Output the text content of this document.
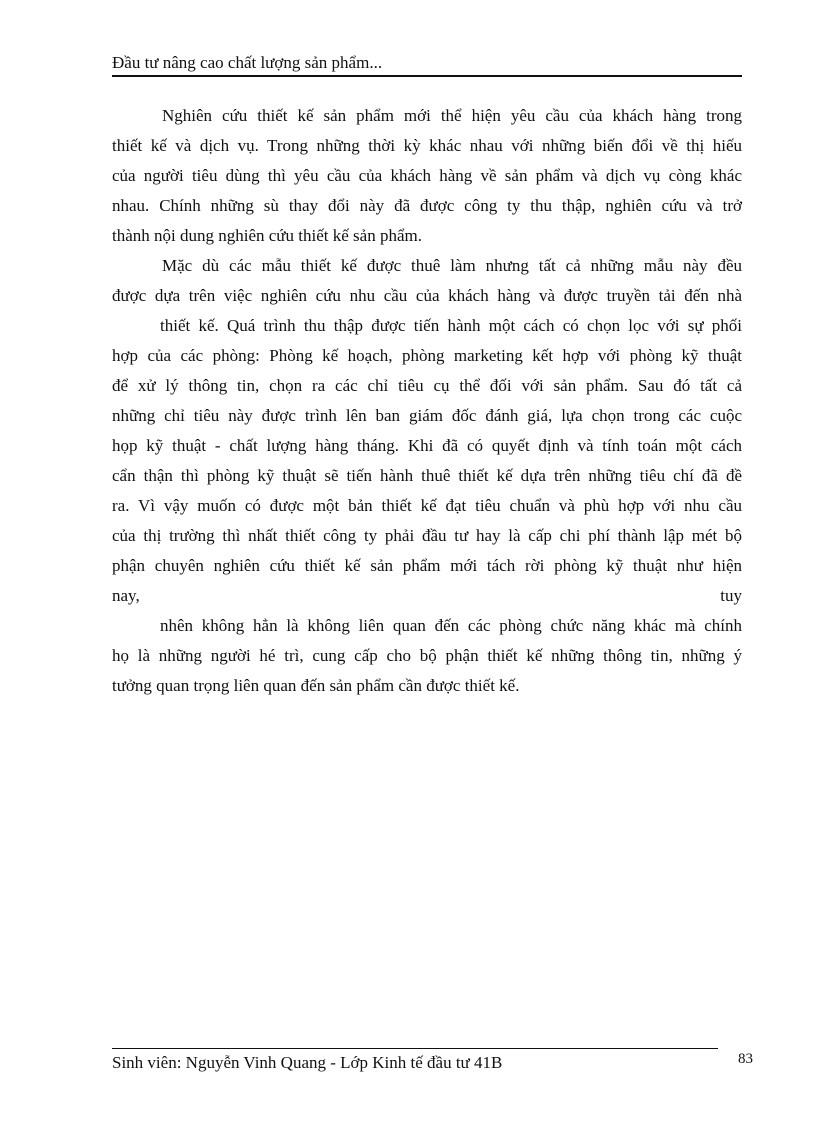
Đầu tư nâng cao chất lượng sản phẩm...
Nghiên cứu thiết kế sản phẩm mới thể hiện yêu cầu của khách hàng trong
thiết kế và dịch vụ. Trong những thời kỳ khác nhau với những biến đổi về thị hiếu
của người tiêu dùng thì yêu cầu của khách hàng về sản phẩm và dịch vụ còng khác
nhau. Chính những sù thay đổi này đã được công ty thu thập, nghiên cứu và trở
thành nội dung nghiên cứu thiết kế sản phẩm.
Mặc dù các mẫu thiết kế được thuê làm nhưng tất cả những mẫu này đều
được dựa trên việc nghiên cứu nhu cầu của khách hàng và được truyền tải đến nhà
thiết kế. Quá trình thu thập được tiến hành một cách có chọn lọc với sự phối
hợp của các phòng: Phòng kế hoạch, phòng marketing kết hợp với phòng kỹ thuật
để xử lý thông tin, chọn ra các chỉ tiêu cụ thể đối với sản phẩm. Sau đó tất cả
những chỉ tiêu này được trình lên ban giám đốc đánh giá, lựa chọn trong các cuộc
họp kỹ thuật - chất lượng hàng tháng. Khi đã có quyết định và tính toán một cách
cẩn thận thì phòng kỹ thuật sẽ tiến hành thuê thiết kế dựa trên những tiêu chí đã đề
ra. Vì vậy muốn có được một bản thiết kế đạt tiêu chuẩn và phù hợp với nhu cầu
của thị trường thì nhất thiết công ty phải đầu tư hay là cấp chi phí thành lập mét bộ
phận chuyên nghiên cứu thiết kế sản phẩm mới tách rời phòng kỹ thuật như hiện
nay, tuy
nhên không hẳn là không liên quan đến các phòng chức năng khác mà chính
họ là những người hé trì, cung cấp cho bộ phận thiết kế những thông tin, những ý
tưởng quan trọng liên quan đến sản phẩm cần được thiết kế.
Sinh viên: Nguyễn Vinh Quang - Lớp Kinh tế đầu tư 41B	83
